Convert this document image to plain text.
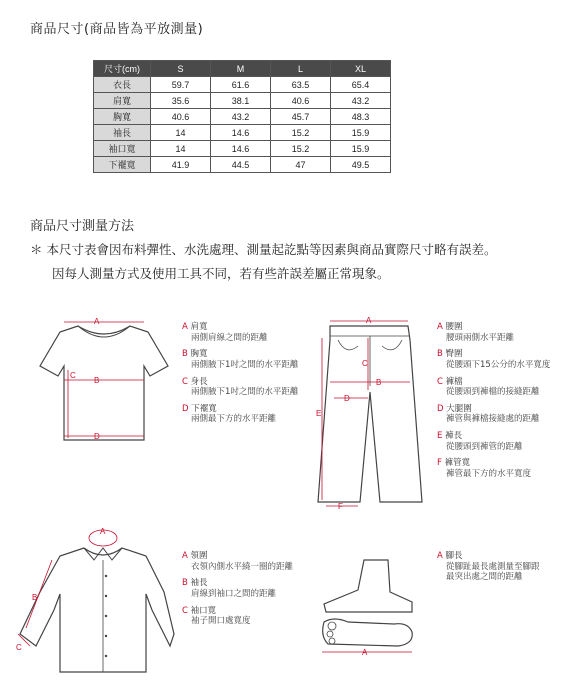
商品尺寸(商品皆為平放測量)
尺寸(cm)	S	M	L	XL
衣長	59.7	61.6	63.5	65.4
肩寬	35.6	38.1	40.6	43.2
胸寬	40.6	43.2	45.7	48.3
袖長	14	14.6	15.2	15.9
袖口寬	14	14.6	15.2	15.9
下襬寬	41.9	44.5	47	49.5
商品尺寸測量方法
＊ 本尺寸表會因布料彈性、水洗處理、測量起訖點等因素與商品實際尺寸略有誤差。
因每人測量方式及使用工具不同，若有些許誤差屬正常現象。
A
B
C
D
A 肩寬
兩側肩線之間的距離
B 胸寬
兩側腋下1吋之間的水平距離
C 身長
兩側腋下1吋之間的水平距離
D 下襬寬
兩側最下方的水平距離
A
B
C
D
E
F
A 腰圍
腰頭兩側水平距離
B 臀圍
從腰頭下15公分的水平寬度
C 褲檔
從腰頭到褲檔的接縫距離
D 大腿圍
褲管與褲檔接縫處的距離
E 褲長
從腰頭到褲管的距離
F 褲管寬
褲管最下方的水平寬度
A
B
C
A 領圍
衣領內側水平繞一圈的距離
B 袖長
肩線到袖口之間的距離
C 袖口寬
袖子開口處寬度
A
A 腳長
從腳趾最長處測量至腳跟
最突出處之間的距離
